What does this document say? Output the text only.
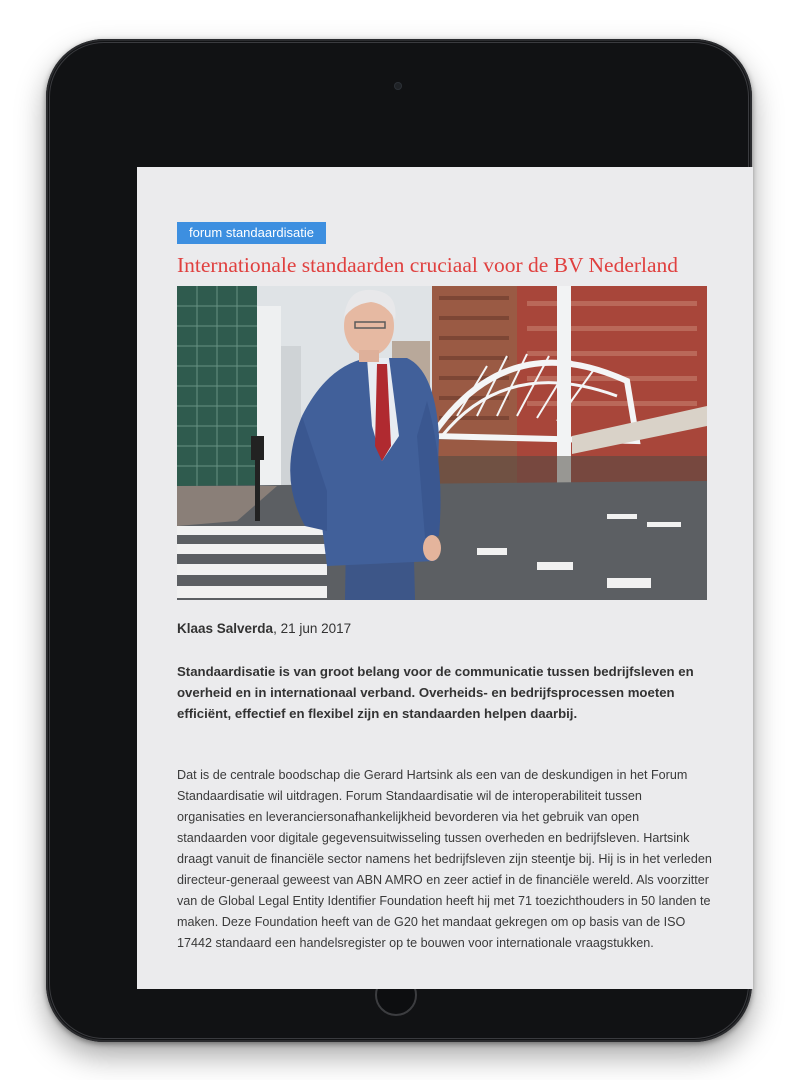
forum standaardisatie
Internationale standaarden cruciaal voor de BV Nederland
Klaas Salverda, 21 jun 2017

Standaardisatie is van groot belang voor de communicatie tussen bedrijfsleven en overheid en in internationaal verband. Overheids- en bedrijfsprocessen moeten efficiënt, effectief en flexibel zijn en standaarden helpen daarbij.

Dat is de centrale boodschap die Gerard Hartsink als een van de deskundigen in het Forum Standaardisatie wil uitdragen. Forum Standaardisatie wil de interoperabiliteit tussen organisaties en leveranciersonafhankelijkheid bevorderen via het gebruik van open standaarden voor digitale gegevensuitwisseling tussen overheden en bedrijfsleven. Hartsink draagt vanuit de financiële sector namens het bedrijfsleven zijn steentje bij. Hij is in het verleden directeur-generaal geweest van ABN AMRO en zeer actief in de financiële wereld. Als voorzitter van de Global Legal Entity Identifier Foundation heeft hij met 71 toezichthouders in 50 landen te maken. Deze Foundation heeft van de G20 het mandaat gekregen om op basis van de ISO 17442 standaard een handelsregister op te bouwen voor internationale vraagstukken.
